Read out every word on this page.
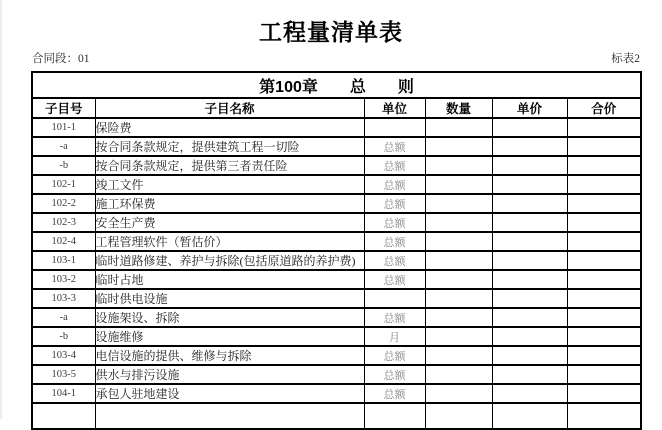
工程量清单表
合同段：01	标表2
第100章　　总　　则					
子目号	子目名称	单位	数量	单价	合价
101-1	保险费				
-a	按合同条款规定，提供建筑工程一切险	总额			
-b	按合同条款规定，提供第三者责任险	总额			
102-1	竣工文件	总额			
102-2	施工环保费	总额			
102-3	安全生产费	总额			
102-4	工程管理软件（暂估价）	总额			
103-1	临时道路修建、养护与拆除(包括原道路的养护费)	总额			
103-2	临时占地	总额			
103-3	临时供电设施				
-a	设施架设、拆除	总额			
-b	设施维修	月			
103-4	电信设施的提供、维修与拆除	总额			
103-5	供水与排污设施	总额			
104-1	承包人驻地建设	总额			
